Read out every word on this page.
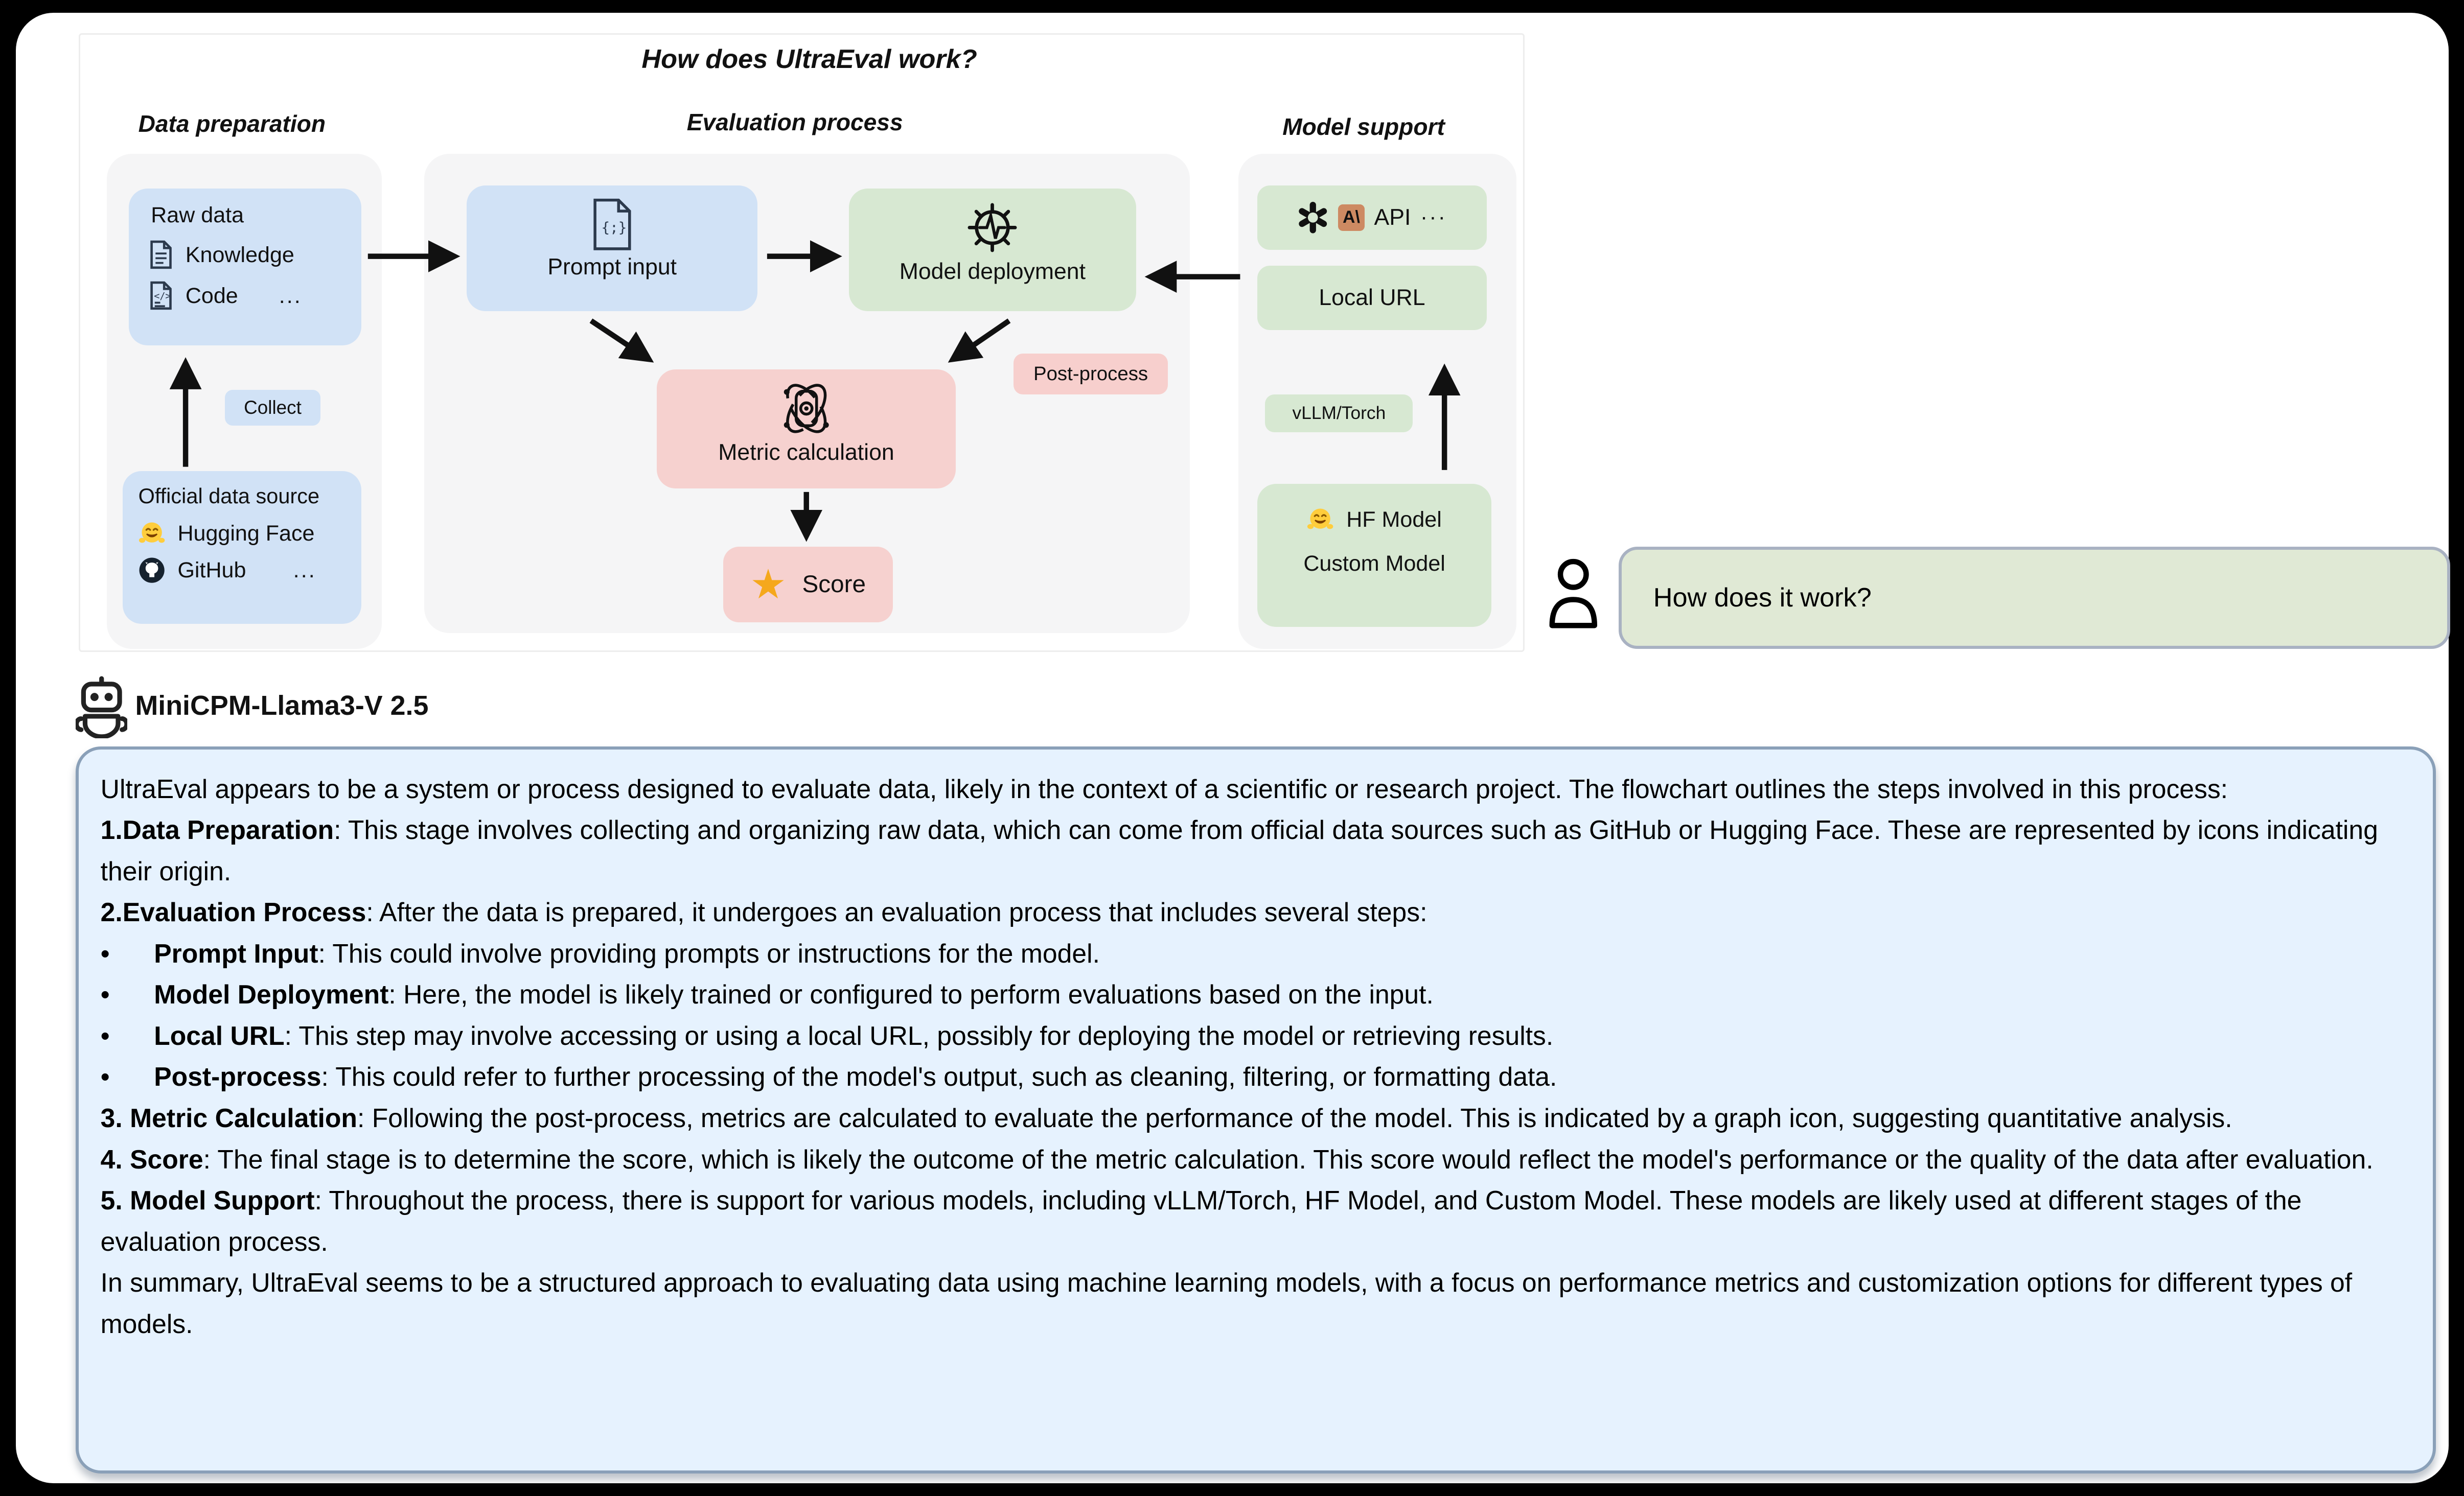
How does UltraEval work?
Data preparation	Evaluation process	Model support
Raw data
Knowledge
</> Code	...
Collect
Official data source
Hugging Face
GitHub	...
{;}
Prompt input	Model deployment
Post-process
Metric calculation
★ Score
A\	API ···
Local URL
vLLM/Torch
HF Model
Custom Model
How does it work?
MiniCPM-Llama3-V 2.5
UltraEval appears to be a system or process designed to evaluate data, likely in the context of a scientific or research project. The flowchart outlines the steps involved in this process:
1.Data Preparation: This stage involves collecting and organizing raw data, which can come from official data sources such as GitHub or Hugging Face. These are represented by icons indicating their origin.
2.Evaluation Process: After the data is prepared, it undergoes an evaluation process that includes several steps:
•	Prompt Input: This could involve providing prompts or instructions for the model.
•	Model Deployment: Here, the model is likely trained or configured to perform evaluations based on the input.
•	Local URL: This step may involve accessing or using a local URL, possibly for deploying the model or retrieving results.
•	Post-process: This could refer to further processing of the model's output, such as cleaning, filtering, or formatting data.
3. Metric Calculation: Following the post-process, metrics are calculated to evaluate the performance of the model. This is indicated by a graph icon, suggesting quantitative analysis.
4. Score: The final stage is to determine the score, which is likely the outcome of the metric calculation. This score would reflect the model's performance or the quality of the data after evaluation.
5. Model Support: Throughout the process, there is support for various models, including vLLM/Torch, HF Model, and Custom Model. These models are likely used at different stages of the evaluation process.
In summary, UltraEval seems to be a structured approach to evaluating data using machine learning models, with a focus on performance metrics and customization options for different types of models.
